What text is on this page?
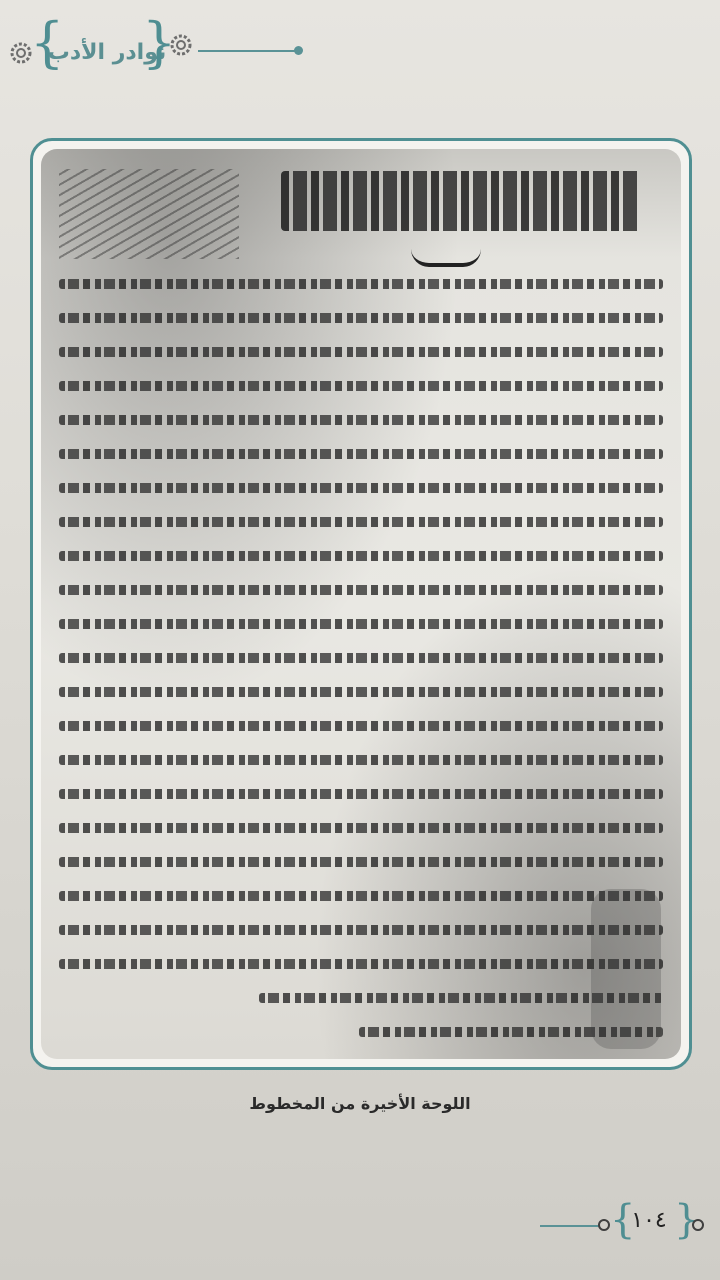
{
نوادر الأدب
}
اللوحة الأخيرة من المخطوط
{
١٠٤ }
